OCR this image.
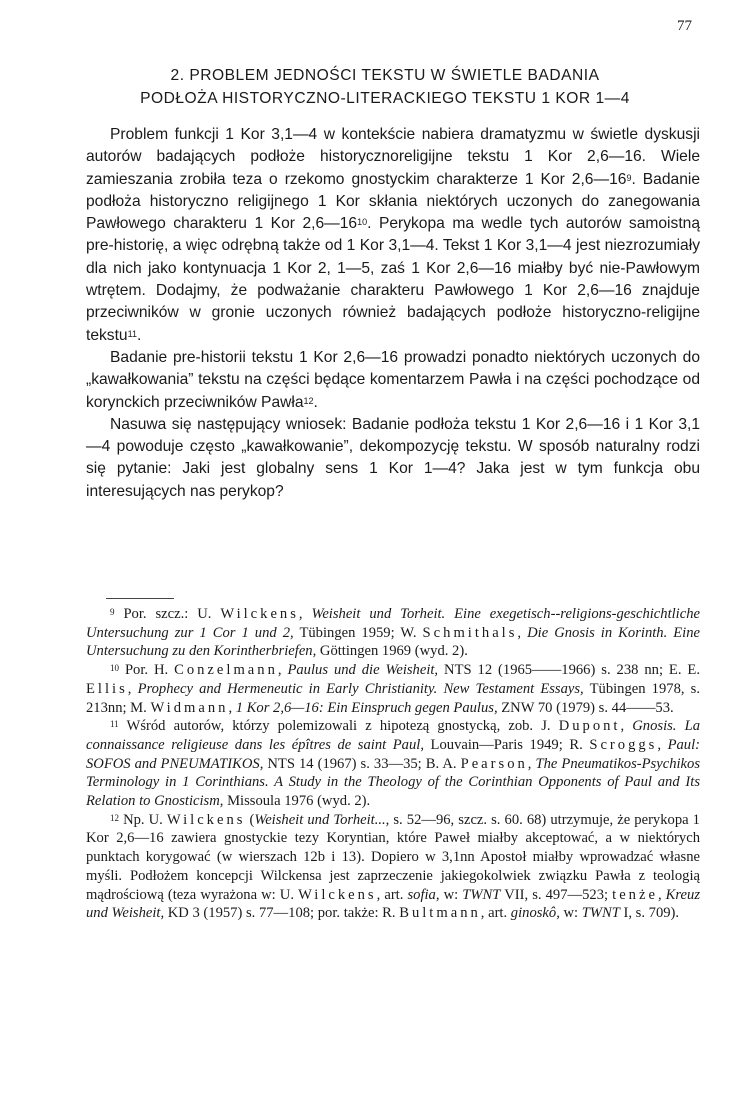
77
2. PROBLEM JEDNOŚCI TEKSTU W ŚWIETLE BADANIA
PODŁOŻA HISTORYCZNO-LITERACKIEGO TEKSTU 1 KOR 1—4

Problem funkcji 1 Kor 3,1—4 w kontekście nabiera dramatyzmu w świetle dyskusji autorów badających podłoże historycznoreligijne tekstu 1 Kor 2,6—16. Wiele zamieszania zrobiła teza o rzekomo gnostyckim charakterze 1 Kor $2,6—16^9$. Badanie podłoża historyczno religijnego 1 Kor skłania niektórych uczonych do zanegowania Pawłowego charakteru 1 Kor $2,6—16^{10}$. Perykopa ma wedle tych autorów samoistną pre-historię, a więc odrębną także od 1 Kor 3,1—4. Tekst 1 Kor 3,1—4 jest niezrozumiały dla nich jako kontynuacja 1 Kor 2, 1—5, zaś 1 Kor 2,6—16 miałby być nie-Pawłowym wtrętem. Dodajmy, że podważanie charakteru Pawłowego 1 Kor 2,6—16 znajduje przeciwników w gronie uczonych również badających podłoże historyczno-religijne tekstu$^{11}$.

Badanie pre-historii tekstu 1 Kor 2,6—16 prowadzi ponadto niektórych uczonych do „kawałkowania” tekstu na części będące komentarzem Pawła i na części pochodzące od korynckich przeciwników Pawła$^{12}$.

Nasuwa się następujący wniosek: Badanie podłoża tekstu 1 Kor 2,6—16 i 1 Kor 3,1—4 powoduje często „kawałkowanie”, dekompozycję tekstu. W sposób naturalny rodzi się pytanie: Jaki jest globalny sens 1 Kor 1—4? Jaka jest w tym funkcja obu interesujących nas perykop?

$^9$ Por. szcz.: U. Wilckens, Weisheit und Torheit. Eine exegetisch--religions-geschichtliche Untersuchung zur 1 Cor 1 und 2, Tübingen 1959; W. Schmithals, Die Gnosis in Korinth. Eine Untersuchung zu den Korintherbriefen, Göttingen 1969 (wyd. 2).

$^{10}$ Por. H. Conzelmann, Paulus und die Weisheit, NTS 12 (1965——1966) s. 238 nn; E. E. Ellis, Prophecy and Hermeneutic in Early Christianity. New Testament Essays, Tübingen 1978, s. 213nn; M. Widmann, 1 Kor 2,6—16: Ein Einspruch gegen Paulus, ZNW 70 (1979) s. 44——53.

$^{11}$ Wśród autorów, którzy polemizowali z hipotezą gnostycką, zob. J. Dupont, Gnosis. La connaissance religieuse dans les épîtres de saint Paul, Louvain—Paris 1949; R. Scroggs, Paul: SOFOS and PNEUMATIKOS, NTS 14 (1967) s. 33—35; B. A. Pearson, The Pneumatikos-Psychikos Terminology in 1 Corinthians. A Study in the Theology of the Corinthian Opponents of Paul and Its Relation to Gnosticism, Missoula 1976 (wyd. 2).

$^{12}$ Np. U. Wilckens (Weisheit und Torheit..., s. 52—96, szcz. s. 60. 68) utrzymuje, że perykopa 1 Kor 2,6—16 zawiera gnostyckie tezy Koryntian, które Paweł miałby akceptować, a w niektórych punktach korygować (w wierszach 12b i 13). Dopiero w 3,1nn Apostoł miałby wprowadzać własne myśli. Podłożem koncepcji Wilckensa jest zaprzeczenie jakiegokolwiek związku Pawła z teologią mądrościową (teza wyrażona w: U. Wilckens, art. sofia, w: TWNT VII, s. 497—523; tenże, Kreuz und Weisheit, KD 3 (1957) s. 77—108; por. także: R. Bultmann, art. ginoskô, w: TWNT I, s. 709).
